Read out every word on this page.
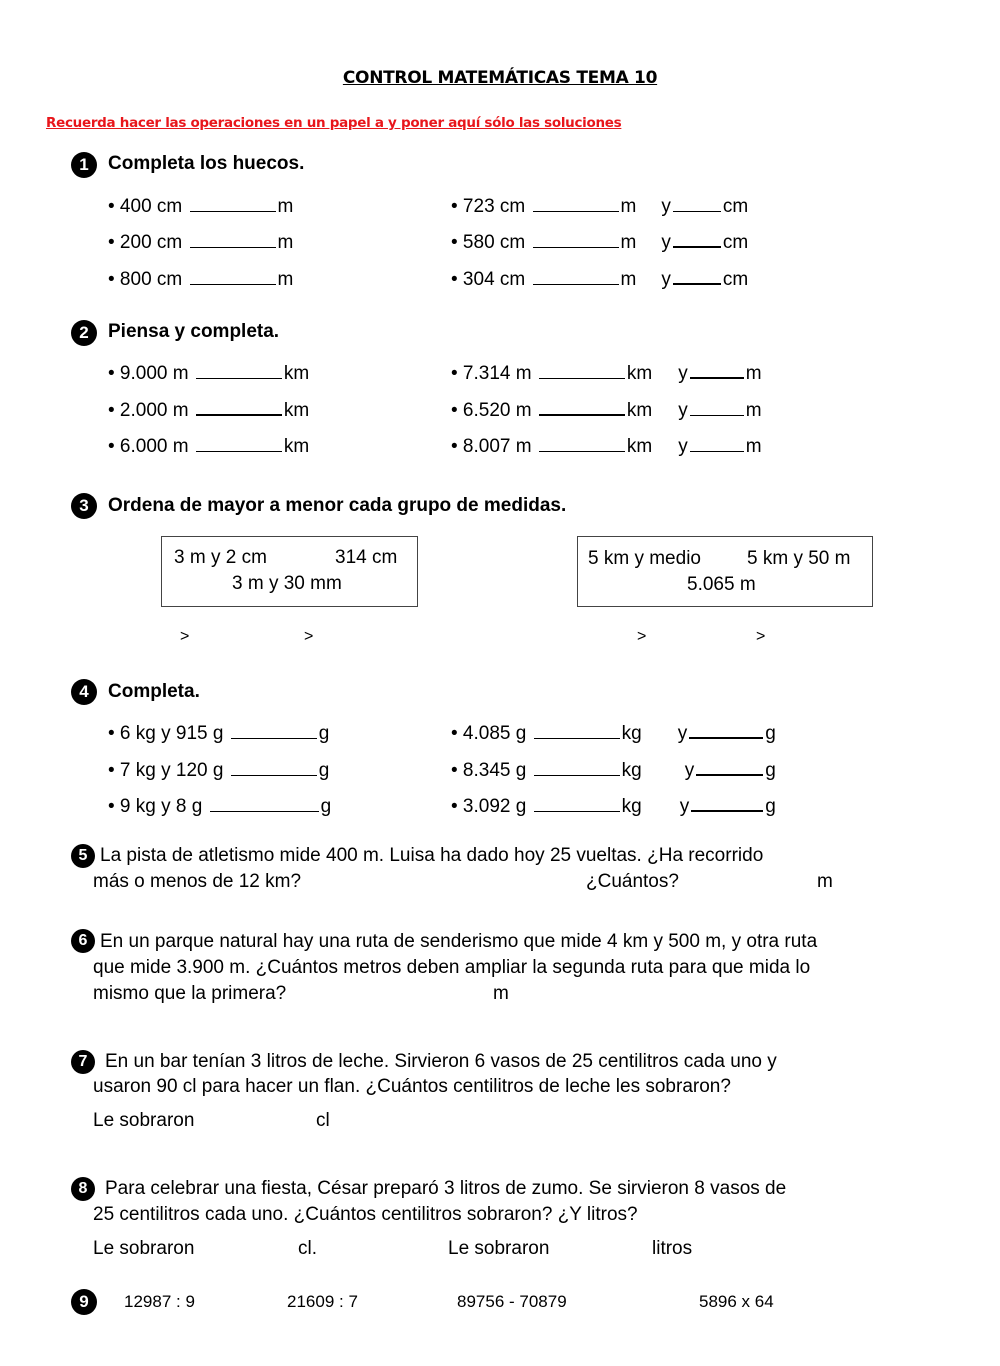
CONTROL MATEMÁTICAS TEMA 10
Recuerda hacer las operaciones en un papel a y poner aquí sólo las soluciones
1	Completa los huecos.
• 400 cm	m
• 200 cm	m
• 800 cm	m
• 723 cm	m y	cm
• 580 cm	m y	cm
• 304 cm	m y	cm
2	Piensa y completa.
• 9.000 m	km
• 2.000 m	km
• 6.000 m	km
• 7.314 m	km y	m
• 6.520 m	km y	m
• 8.007 m	km y	m
3	Ordena de mayor a menor cada grupo de medidas.
3 m y 2 cm	314 cm
3 m y 30 mm
5 km y medio 5 km y 50 m
5.065 m
>	>	>	>
4	Completa.
• 6 kg y 915 g	g
• 7 kg y 120 g	g
• 9 kg y 8 g	g
• 4.085 g	kg y	g
• 8.345 g	kg y	g
• 3.092 g	kg y	g
5 La pista de atletismo mide 400 m. Luisa ha dado hoy 25 vueltas. ¿Ha recorrido
más o menos de 12 km?	¿Cuántos?	m
6 En un parque natural hay una ruta de senderismo que mide 4 km y 500 m, y otra ruta
que mide 3.900 m. ¿Cuántos metros deben ampliar la segunda ruta para que mida lo
mismo que la primera?	m
7 En un bar tenían 3 litros de leche. Sirvieron 6 vasos de 25 centilitros cada uno y
usaron 90 cl para hacer un flan. ¿Cuántos centilitros de leche les sobraron?
Le sobraron	cl
8 Para celebrar una fiesta, César preparó 3 litros de zumo. Se sirvieron 8 vasos de
25 centilitros cada uno. ¿Cuántos centilitros sobraron? ¿Y litros?
Le sobraron	cl.	Le sobraron	litros
9	12987 : 9	21609 : 7	89756 - 70879	5896 x 64
